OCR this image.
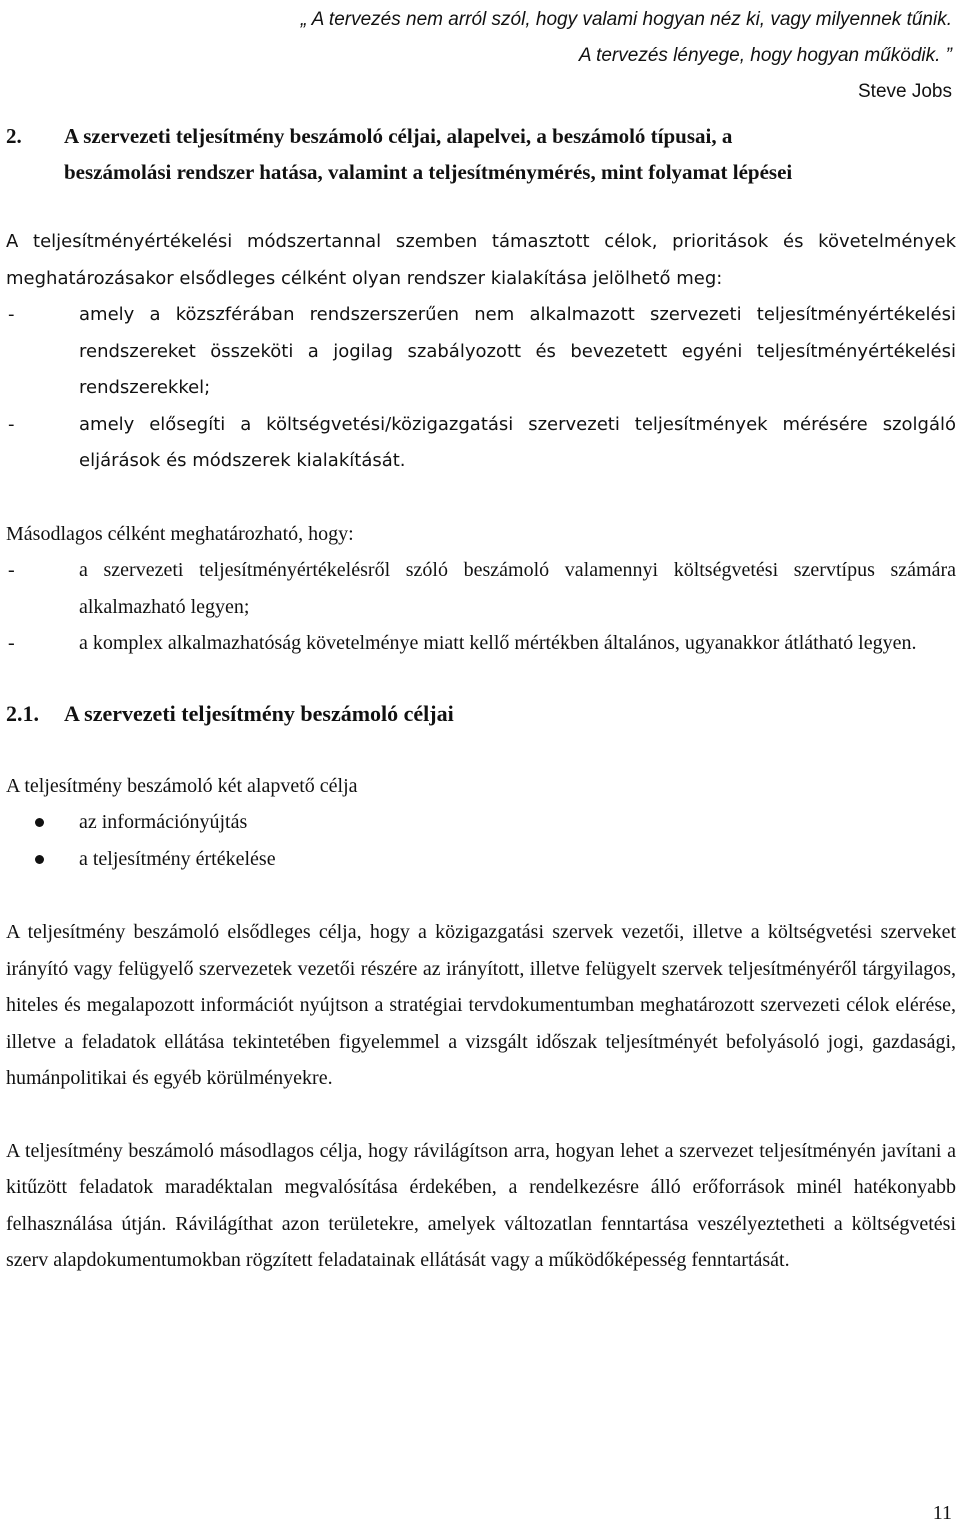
„ A tervezés nem arról szól, hogy valami hogyan néz ki, vagy milyennek tűnik.
A tervezés lényege, hogy hogyan működik. ”
Steve Jobs
2. A szervezeti teljesítmény beszámoló céljai, alapelvei, a beszámoló típusai, a
beszámolási rendszer hatása, valamint a teljesítménymérés, mint folyamat lépései

A teljesítményértékelési módszertannal szemben támasztott célok, prioritások és követelmények meghatározásakor elsődleges célként olyan rendszer kialakítása jelölhető meg:

-	amely a közszférában rendszerszerűen nem alkalmazott szervezeti teljesítményértékelési rendszereket összeköti a jogilag szabályozott és bevezetett egyéni teljesítményértékelési rendszerekkel;
-	amely elősegíti a költségvetési/közigazgatási szervezeti teljesítmények mérésére szolgáló eljárások és módszerek kialakítását.

Másodlagos célként meghatározható, hogy:

-	a szervezeti teljesítményértékelésről szóló beszámoló valamennyi költségvetési szervtípus számára alkalmazható legyen;
-	a komplex alkalmazhatóság követelménye miatt kellő mértékben általános, ugyanakkor átlátható legyen.
2.1. A szervezeti teljesítmény beszámoló céljai

A teljesítmény beszámoló két alapvető célja

az információnyújtás
a teljesítmény értékelése

A teljesítmény beszámoló elsődleges célja, hogy a közigazgatási szervek vezetői, illetve a költségvetési szerveket irányító vagy felügyelő szervezetek vezetői részére az irányított, illetve felügyelt szervek teljesítményéről tárgyilagos, hiteles és megalapozott információt nyújtson a stratégiai tervdokumentumban meghatározott szervezeti célok elérése, illetve a feladatok ellátása tekintetében figyelemmel a vizsgált időszak teljesítményét befolyásoló jogi, gazdasági, humánpolitikai és egyéb körülményekre.

A teljesítmény beszámoló másodlagos célja, hogy rávilágítson arra, hogyan lehet a szervezet teljesítményén javítani a kitűzött feladatok maradéktalan megvalósítása érdekében, a rendelkezésre álló erőforrások minél hatékonyabb felhasználása útján. Rávilágíthat azon területekre, amelyek változatlan fenntartása veszélyeztetheti a költségvetési szerv alapdokumentumokban rögzített feladatainak ellátását vagy a működőképesség fenntartását.

11
